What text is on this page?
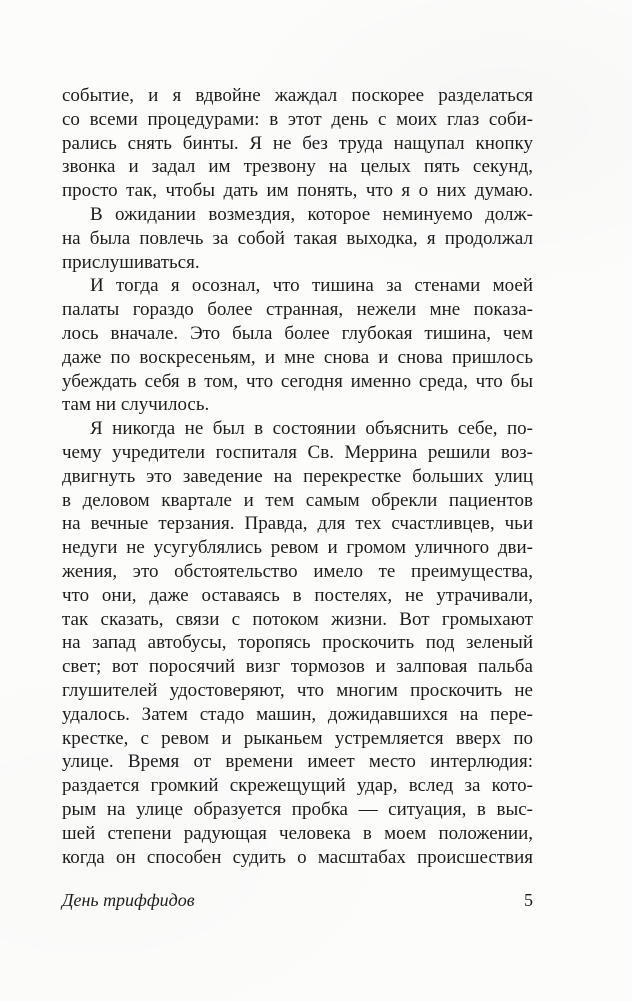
событие, и я вдвойне жаждал поскорее разделаться
со всеми процедурами: в этот день с моих глаз соби-
рались снять бинты. Я не без труда нащупал кнопку
звонка и задал им трезвону на целых пять секунд,
просто так, чтобы дать им понять, что я о них думаю.
В ожидании возмездия, которое неминуемо долж-
на была повлечь за собой такая выходка, я продолжал
прислушиваться.
И тогда я осознал, что тишина за стенами моей
палаты гораздо более странная, нежели мне показа-
лось вначале. Это была более глубокая тишина, чем
даже по воскресеньям, и мне снова и снова пришлось
убеждать себя в том, что сегодня именно среда, что бы
там ни случилось.
Я никогда не был в состоянии объяснить себе, по-
чему учредители госпиталя Св. Меррина решили воз-
двигнуть это заведение на перекрестке больших улиц
в деловом квартале и тем самым обрекли пациентов
на вечные терзания. Правда, для тех счастливцев, чьи
недуги не усугублялись ревом и громом уличного дви-
жения, это обстоятельство имело те преимущества,
что они, даже оставаясь в постелях, не утрачивали,
так сказать, связи с потоком жизни. Вот громыхают
на запад автобусы, торопясь проскочить под зеленый
свет; вот поросячий визг тормозов и залповая пальба
глушителей удостоверяют, что многим проскочить не
удалось. Затем стадо машин, дожидавшихся на пере-
крестке, с ревом и рыканьем устремляется вверх по
улице. Время от времени имеет место интерлюдия:
раздается громкий скрежещущий удар, вслед за кото-
рым на улице образуется пробка — ситуация, в выс-
шей степени радующая человека в моем положении,
когда он способен судить о масштабах происшествия
День триффидов	5
